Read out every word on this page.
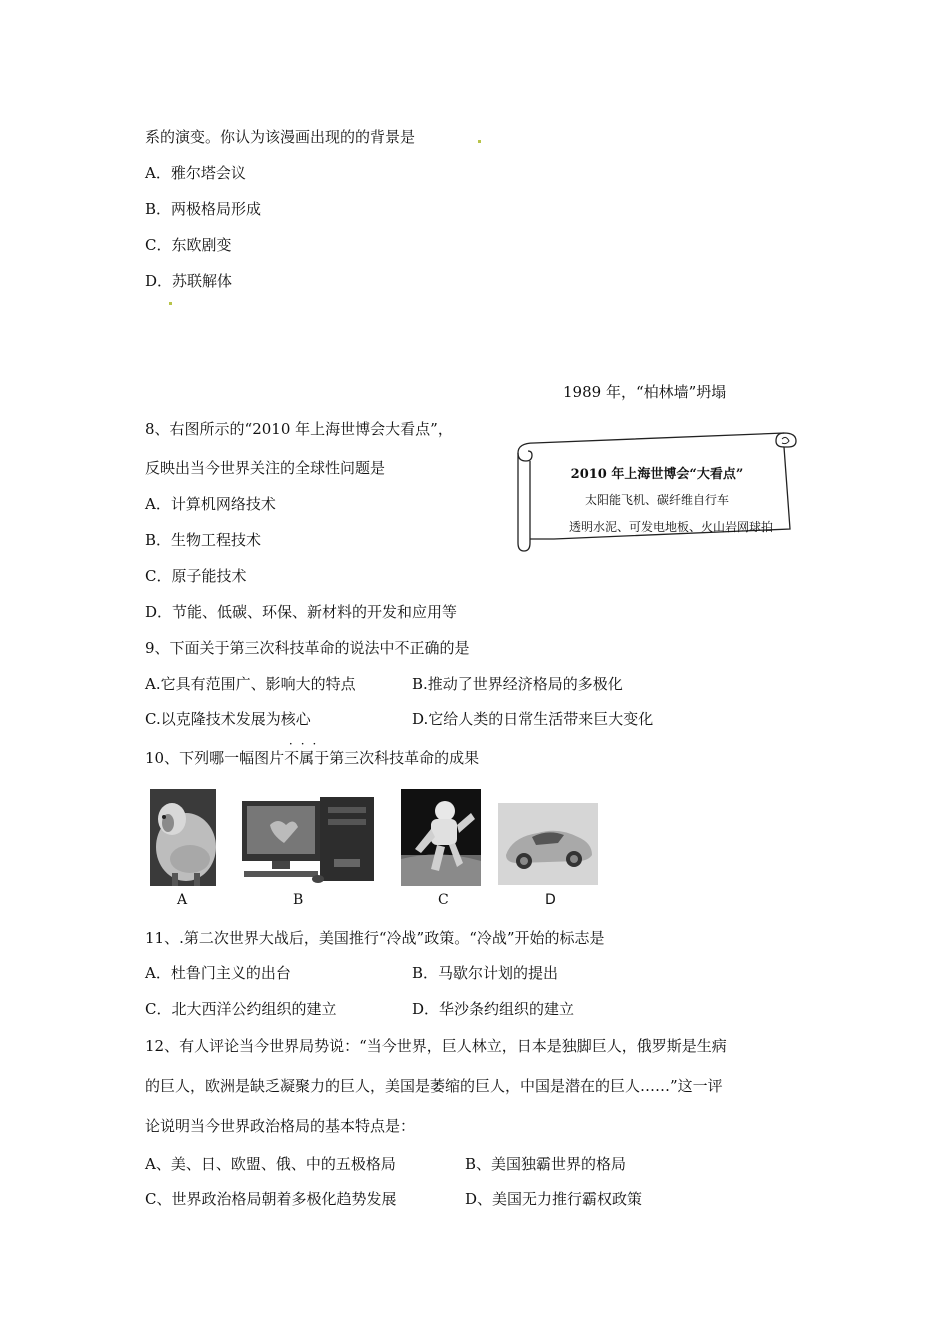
系的演变。你认为该漫画出现的的背景是
A．雅尔塔会议
B．两极格局形成
C．东欧剧变
D．苏联解体
1989 年，“柏林墙”坍塌
8、右图所示的“2010 年上海世博会大看点”，
反映出当今世界关注的全球性问题是
A．计算机网络技术
B．生物工程技术
C．原子能技术
D．节能、低碳、环保、新材料的开发和应用等
2010 年上海世博会“大看点”
太阳能飞机、碳纤维自行车
透明水泥、可发电地板、火山岩网球拍
9、下面关于第三次科技革命的说法中不正确的是
A.它具有范围广、影响大的特点	B.推动了世界经济格局的多极化
C.以克隆技术发展为核心	D.它给人类的日常生活带来巨大变化
10、下列哪一幅图片
···
不属于第三次科技革命的成果
A	B	C	D
11、.第二次世界大战后，美国推行“冷战”政策。“冷战”开始的标志是
A．杜鲁门主义的出台	B．马歇尔计划的提出
C．北大西洋公约组织的建立	D．华沙条约组织的建立
12、有人评论当今世界局势说：“当今世界，巨人林立，日本是独脚巨人，俄罗斯是生病
的巨人，欧洲是缺乏凝聚力的巨人，美国是萎缩的巨人，中国是潜在的巨人……”这一评
论说明当今世界政治格局的基本特点是：
A、美、日、欧盟、俄、中的五极格局	B、美国独霸世界的格局
C、世界政治格局朝着多极化趋势发展	D、美国无力推行霸权政策
